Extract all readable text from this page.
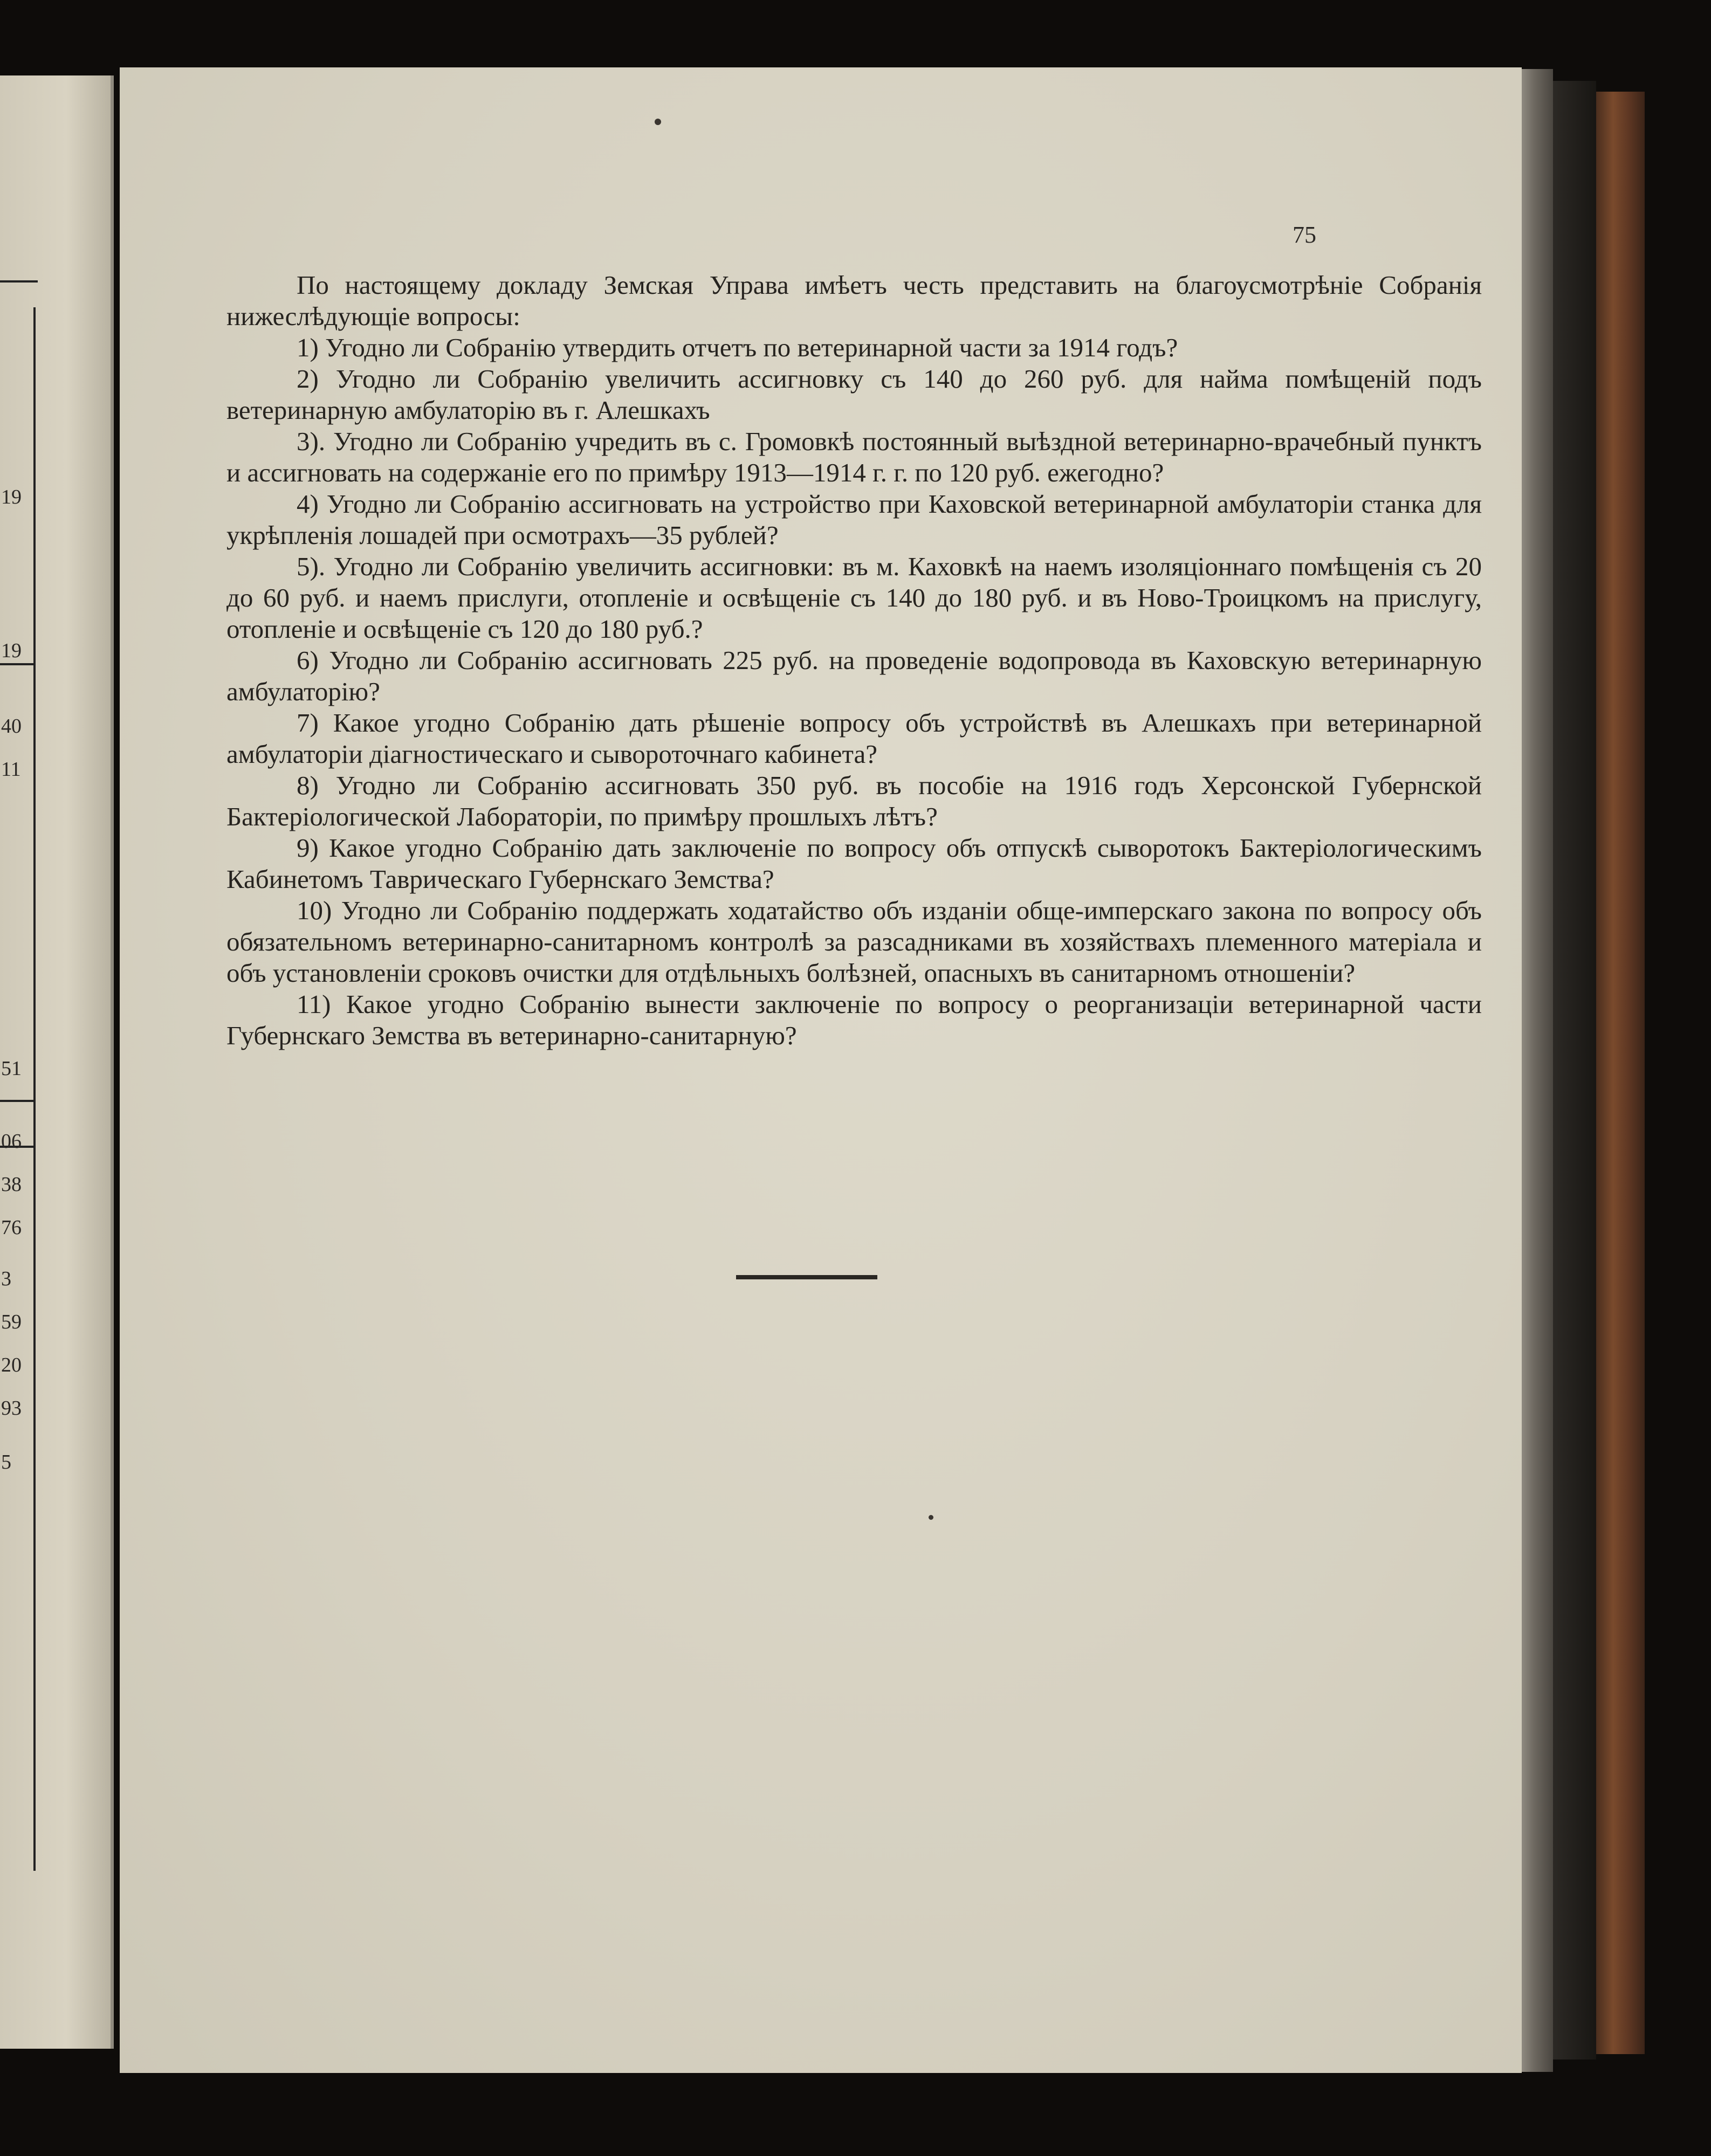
19
19
40
11
51
06
38
76
3
59
20
93
5
75

По настоящему докладу Земская Управа имѣетъ честь представить на благоусмотрѣніе Собранія нижеслѣдующіе вопросы:

1) Угодно ли Собранію утвердить отчетъ по ветеринарной части за 1914 годъ?

2) Угодно ли Собранію увеличить ассигновку съ 140 до 260 руб. для найма помѣщеній подъ ветеринарную амбулаторію въ г. Алешкахъ

3). Угодно ли Собранію учредить въ с. Громовкѣ постоянный выѣздной ветеринарно-врачебный пунктъ и ассигновать на содержаніе его по примѣру 1913—1914 г. г. по 120 руб. ежегодно?

4) Угодно ли Собранію ассигновать на устройство при Каховской ветеринарной амбулаторіи станка для укрѣпленія лошадей при осмотрахъ—35 рублей?

5). Угодно ли Собранію увеличить ассигновки: въ м. Каховкѣ на наемъ изоляціоннаго помѣщенія съ 20 до 60 руб. и наемъ прислуги, отопленіе и освѣщеніе съ 140 до 180 руб. и въ Ново-Троицкомъ на прислугу, отопленіе и освѣщеніе съ 120 до 180 руб.?

6) Угодно ли Собранію ассигновать 225 руб. на проведеніе водопровода въ Каховскую ветеринарную амбулаторію?

7) Какое угодно Собранію дать рѣшеніе вопросу объ устройствѣ въ Алешкахъ при ветеринарной амбулаторіи діагностическаго и сывороточнаго кабинета?

8) Угодно ли Собранію ассигновать 350 руб. въ пособіе на 1916 годъ Херсонской Губернской Бактеріологической Лабораторіи, по примѣру прошлыхъ лѣтъ?

9) Какое угодно Собранію дать заключеніе по вопросу объ отпускѣ сыворотокъ Бактеріологическимъ Кабинетомъ Таврическаго Губернскаго Земства?

10) Угодно ли Собранію поддержать ходатайство объ изданіи обще-имперскаго закона по вопросу объ обязательномъ ветеринарно-санитарномъ контролѣ за разсадниками въ хозяйствахъ племенного матеріала и объ установленіи сроковъ очистки для отдѣльныхъ болѣзней, опасныхъ въ санитарномъ отношеніи?

11) Какое угодно Собранію вынести заключеніе по вопросу о реорганизаціи ветеринарной части Губернскаго Земства въ ветеринарно-санитарную?
